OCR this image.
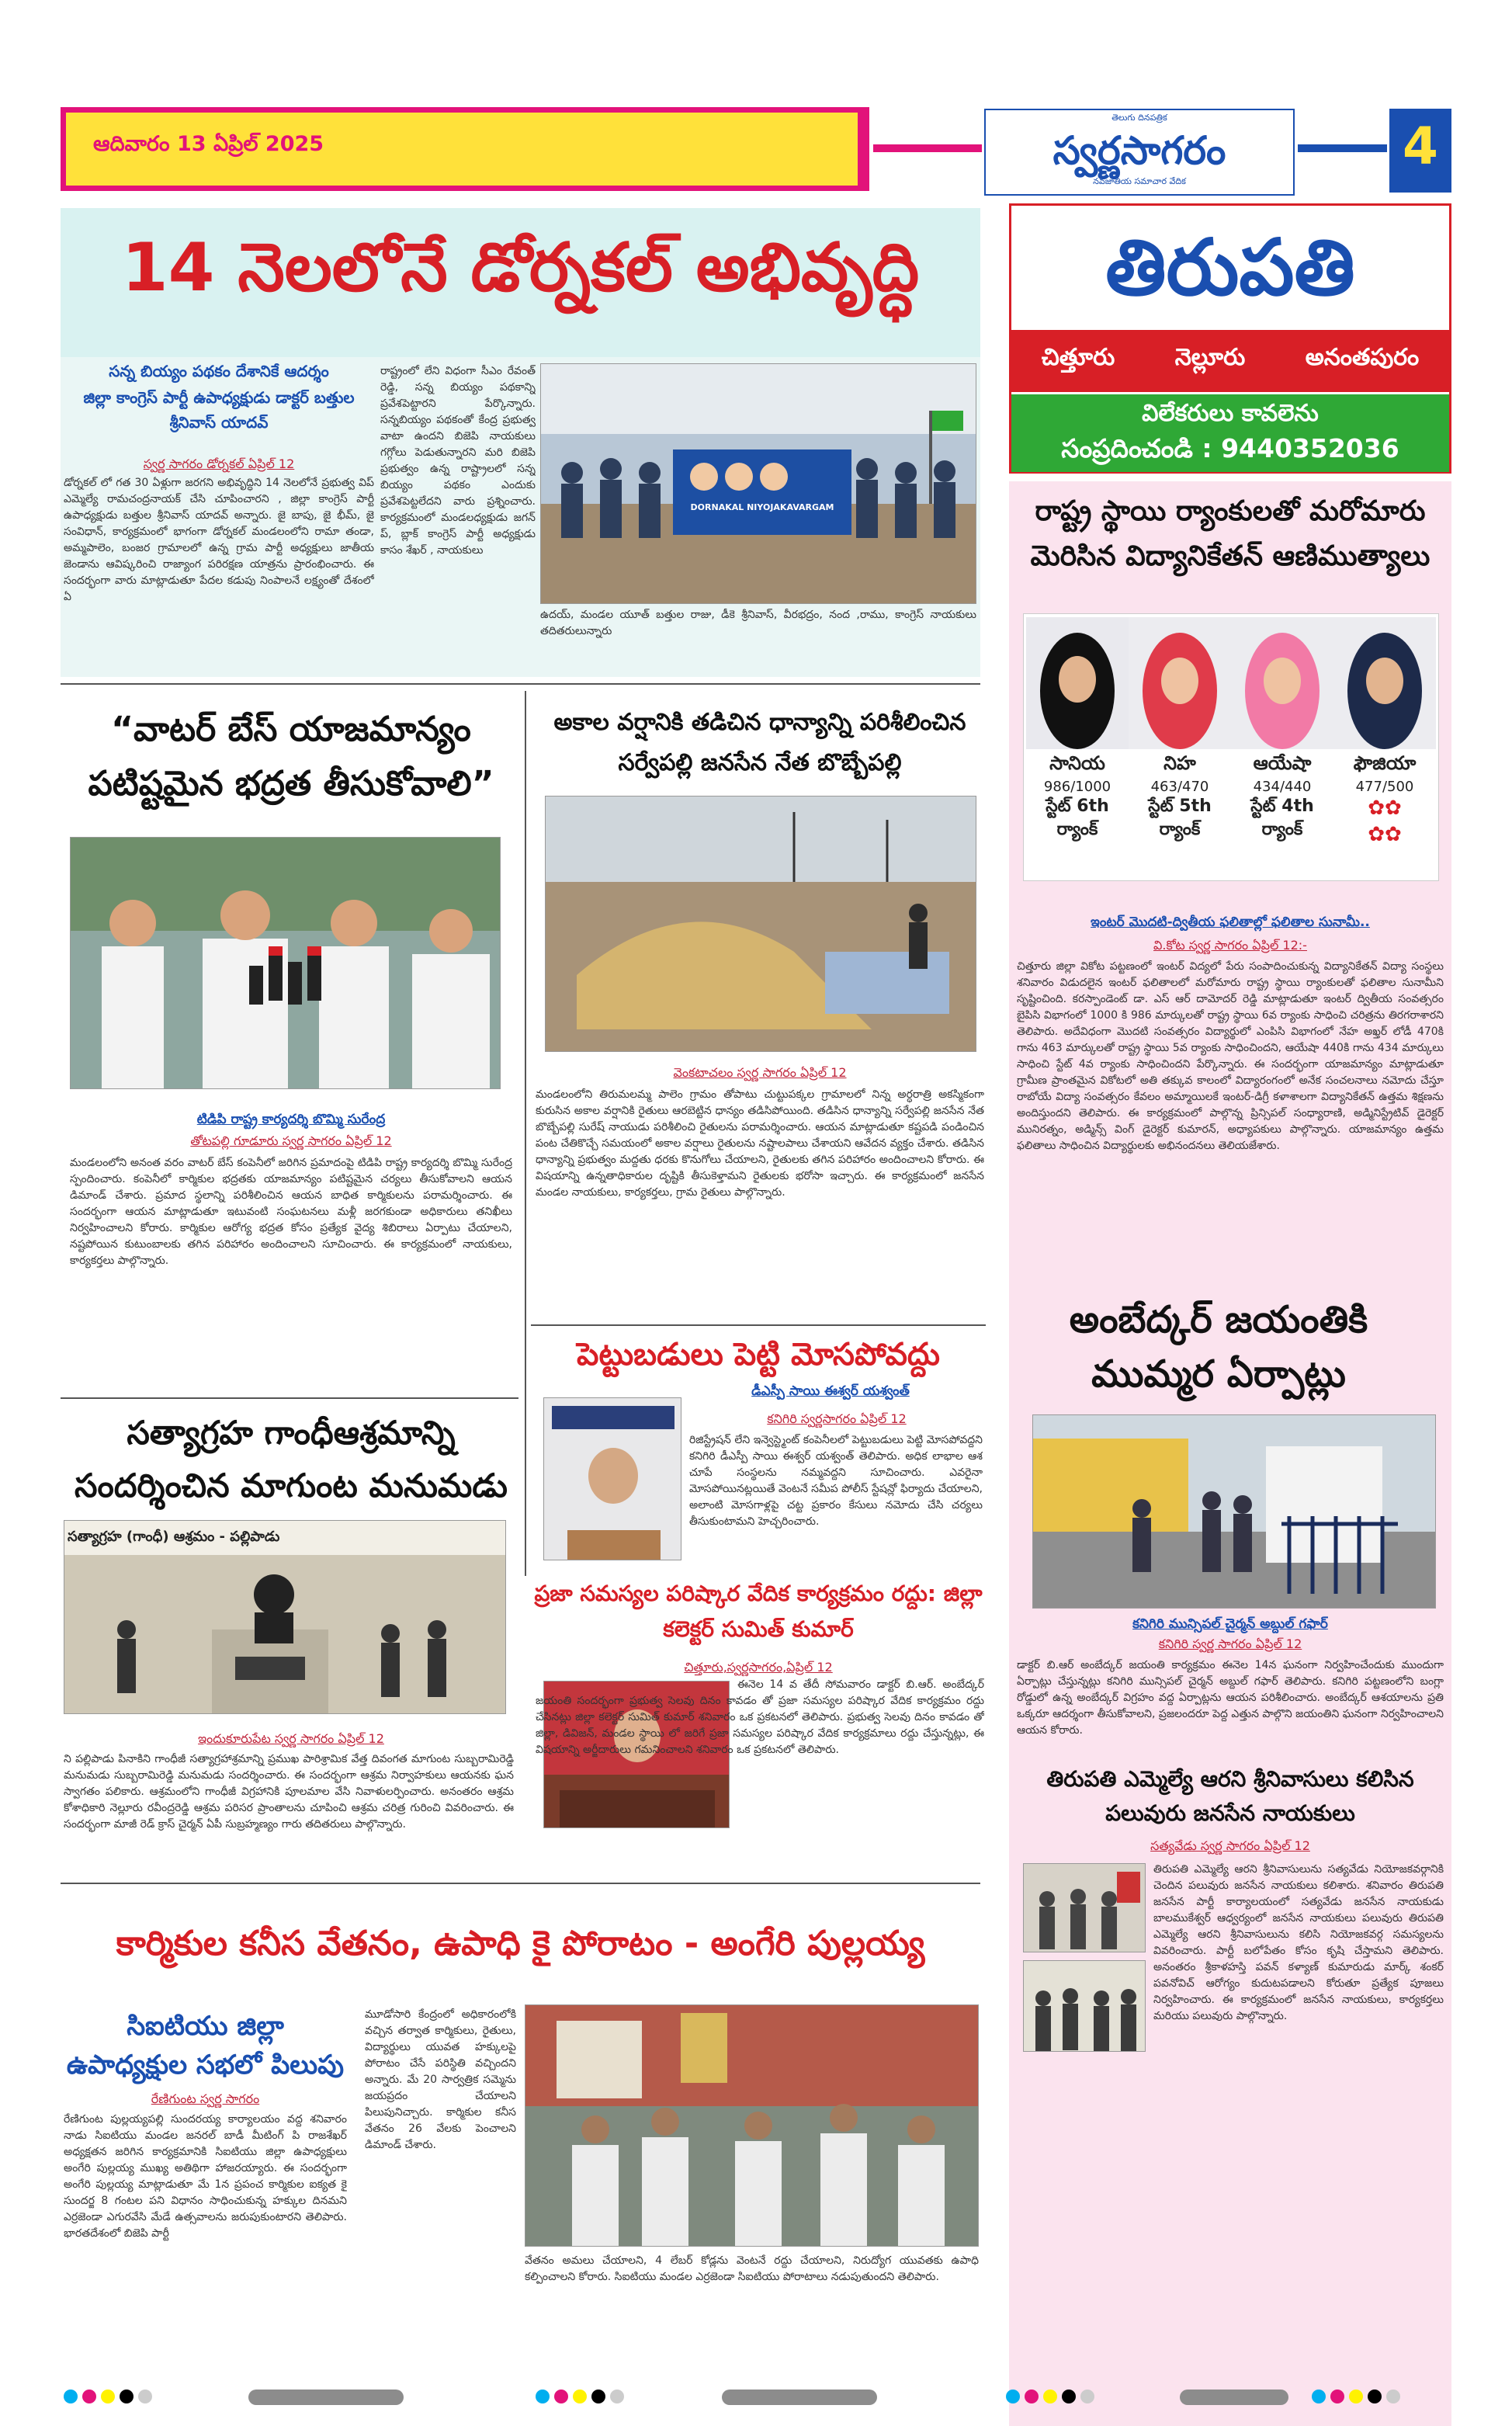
ఆదివారం 13 ఏప్రిల్ 2025
తెలుగు దినపత్రిక
స్వర్ణసాగరం
నవజాతీయ సమాచార వేదిక
4
14 నెలలోనే డోర్నకల్ అభివృద్ధి
సన్న బియ్యం పథకం దేశానికే ఆదర్శం
జిల్లా కాంగ్రెస్ పార్టీ ఉపాధ్యక్షుడు డాక్టర్ బత్తుల శ్రీనివాస్ యాదవ్
స్వర్ణ సాగరం డోర్నకల్ ఏప్రిల్ 12
డోర్నకల్ లో గత 30 ఏళ్లుగా జరగని అభివృద్ధిని 14 నెలలోనే ప్రభుత్వ విప్ ఎమ్మెల్యే రామచంద్రనాయక్ చేసి చూపించారని , జిల్లా కాంగ్రెస్ పార్టీ ఉపాధ్యక్షుడు బత్తుల శ్రీనివాస్ యాదవ్ అన్నారు. జై బాపు, జై భీమ్, జై సంవిధాన్, కార్యక్రమంలో భాగంగా డోర్నకల్ మండలంలోని రామా తండా, అమ్మపాలెం, బంజర గ్రామాలలో ఉన్న గ్రామ పార్టీ అధ్యక్షులు జాతీయ జెండాను ఆవిష్కరించి రాజ్యాంగ పరిరక్షణ యాత్రను ప్రారంభించారు. ఈ సందర్భంగా వారు మాట్లాడుతూ పేదల కడుపు నింపాలనే లక్ష్యంతో దేశంలో ఏ
రాష్ట్రంలో లేని విధంగా సీఎం రేవంత్ రెడ్డి, సన్న బియ్యం పథకాన్ని ప్రవేశపెట్టారని పేర్కొన్నారు. సన్నబియ్యం పథకంతో కేంద్ర ప్రభుత్వ వాటా ఉందని బిజెపి నాయకులు గగ్గోలు పెడుతున్నారని మరి బిజెపి ప్రభుత్వం ఉన్న రాష్ట్రాలలో సన్న బియ్యం పథకం ఎందుకు ప్రవేశపెట్టలేదని వారు ప్రశ్నించారు. కార్యక్రమంలో మండలధ్యక్షుడు జగన్ ప్, బ్లాక్ కాంగ్రెస్ పార్టీ అధ్యక్షుడు కాసం శేఖర్ , నాయకులు
DORNAKAL NIYOJAKAVARGAM
ఉదయ్, మండల యూత్ బత్తుల రాజు, డీకె శ్రీనివాస్, వీరభద్రం, నంద ,రాము, కాంగ్రెస్ నాయకులు తదితరులున్నారు
తిరుపతి
చిత్తూరు	నెల్లూరు	అనంతపురం
విలేకరులు కావలెను
సంప్రదించండి : 9440352036
రాష్ట్ర స్థాయి ర్యాంకులతో మరోమారు మెరిసిన విద్యానికేతన్ ఆణిముత్యాలు
సానియ
986/1000
స్టేట్ 6th ర్యాంక్
నిహ
463/470
స్టేట్ 5th ర్యాంక్
ఆయేషా
434/440
స్టేట్ 4th ర్యాంక్
ఫౌజియా
477/500
✿✿
✿✿
ఇంటర్ మొదటి-ద్వితీయ ఫలితాల్లో ఫలితాల సునామీ..
వి.కోట స్వర్ణ సాగరం ఏప్రిల్ 12:-
చిత్తూరు జిల్లా వికోట పట్టణంలో ఇంటర్ విద్యలో పేరు సంపాదించుకున్న విద్యానికేతన్ విద్యా సంస్థలు శనివారం విడుదలైన ఇంటర్ ఫలితాలలో మరోమారు రాష్ట్ర స్థాయి ర్యాంకులతో ఫలితాల సునామీని సృష్టించింది. కరస్పాండెంట్ డా. ఎస్ ఆర్ దామోదర్ రెడ్డి మాట్లాడుతూ ఇంటర్ ద్వితీయ సంవత్సరం బైపిసి విభాగంలో 1000 కి 986 మార్కులతో రాష్ట్ర స్థాయి 6వ ర్యాంకు సాధించి చరిత్రను తిరగరాశారని తెలిపారు. అదేవిధంగా మొదటి సంవత్సరం విద్యార్థులో ఎంపిసి విభాగంలో నేహ అఖ్తర్ లోడీ 470కి గాను 463 మార్కులతో రాష్ట్ర స్థాయి 5వ ర్యాంకు సాధించిందని, ఆయేషా 440కి గాను 434 మార్కులు సాధించి స్టేట్ 4వ ర్యాంకు సాధించిందని పేర్కొన్నారు. ఈ సందర్భంగా యాజమాన్యం మాట్లాడుతూ గ్రామీణ ప్రాంతమైన వికోటలో అతి తక్కువ కాలంలో విద్యారంగంలో అనేక సంచలనాలు నమోదు చేస్తూ రాబోయే విద్యా సంవత్సరం కేవలం అమ్మాయిలకే ఇంటర్-డిగ్రీ కళాశాలగా విద్యానికేతన్ ఉత్తమ శిక్షణను అందిస్తుందని తెలిపారు. ఈ కార్యక్రమంలో పాల్గొన్న ప్రిన్సిపల్ సంధ్యారాణి, అడ్మినిస్ట్రేటివ్ డైరెక్టర్ మునిరత్నం, అడ్మిన్స్ వింగ్ డైరెక్టర్ కుమారన్, అధ్యాపకులు పాల్గొన్నారు. యాజమాన్యం ఉత్తమ ఫలితాలు సాధించిన విద్యార్థులకు అభినందనలు తెలియజేశారు.
అంబేద్కర్ జయంతికి ముమ్మర ఏర్పాట్లు
కనిగిరి మున్సిపల్ చైర్మన్ అబ్దుల్ గఫార్
కనిగిరి స్వర్ణ సాగరం ఏప్రిల్ 12
డాక్టర్ బి.ఆర్ అంబేద్కర్ జయంతి కార్యక్రమం ఈనెల 14న ఘనంగా నిర్వహించేందుకు ముందుగా ఏర్పాట్లు చేస్తున్నట్లు కనిగిరి మున్సిపల్ చైర్మన్ అబ్దుల్ గఫార్ తెలిపారు. కనిగిరి పట్టణంలోని బంగ్లా రోడ్డులో ఉన్న అంబేద్కర్ విగ్రహం వద్ద ఏర్పాట్లను ఆయన పరిశీలించారు. అంబేద్కర్ ఆశయాలను ప్రతి ఒక్కరూ ఆదర్శంగా తీసుకోవాలని, ప్రజలందరూ పెద్ద ఎత్తున పాల్గొని జయంతిని ఘనంగా నిర్వహించాలని ఆయన కోరారు.
తిరుపతి ఎమ్మెల్యే ఆరని శ్రీనివాసులు కలిసిన పలువురు జనసేన నాయకులు
సత్యవేడు స్వర్ణ సాగరం ఏప్రిల్ 12
తిరుపతి ఎమ్మెల్యే ఆరని శ్రీనివాసులును సత్యవేడు నియోజకవర్గానికి చెందిన పలువురు జనసేన నాయకులు కలిశారు. శనివారం తిరుపతి జనసేన పార్టీ కార్యాలయంలో సత్యవేడు జనసేన నాయకుడు బాలముకేశ్వర్ ఆధ్వర్యంలో జనసేన నాయకులు పలువురు తిరుపతి ఎమ్మెల్యే ఆరని శ్రీనివాసులును కలిసి నియోజకవర్గ సమస్యలను వివరించారు. పార్టీ బలోపేతం కోసం కృషి చేస్తామని తెలిపారు. అనంతరం శ్రీకాళహస్తి పవన్ కళ్యాణ్ కుమారుడు మార్క్ శంకర్ పవనోవిచ్ ఆరోగ్యం కుదుటపడాలని కోరుతూ ప్రత్యేక పూజలు నిర్వహించారు. ఈ కార్యక్రమంలో జనసేన నాయకులు, కార్యకర్తలు మరియు పలువురు పాల్గొన్నారు.
“వాటర్ బేస్ యాజమాన్యం పటిష్టమైన భద్రత తీసుకోవాలి”
టిడిపి రాష్ట్ర కార్యదర్శి బొమ్మి సురేంద్ర
తోటపల్లి గూడూరు స్వర్ణ సాగరం ఏప్రిల్ 12
మండలంలోని అనంత వరం వాటర్ బేస్ కంపెనీలో జరిగిన ప్రమాదంపై టిడిపి రాష్ట్ర కార్యదర్శి బొమ్మి సురేంద్ర స్పందించారు. కంపెనీలో కార్మికుల భద్రతకు యాజమాన్యం పటిష్టమైన చర్యలు తీసుకోవాలని ఆయన డిమాండ్ చేశారు. ప్రమాద స్థలాన్ని పరిశీలించిన ఆయన బాధిత కార్మికులను పరామర్శించారు. ఈ సందర్భంగా ఆయన మాట్లాడుతూ ఇటువంటి సంఘటనలు మళ్లీ జరగకుండా అధికారులు తనిఖీలు నిర్వహించాలని కోరారు. కార్మికుల ఆరోగ్య భద్రత కోసం ప్రత్యేక వైద్య శిబిరాలు ఏర్పాటు చేయాలని, నష్టపోయిన కుటుంబాలకు తగిన పరిహారం అందించాలని సూచించారు. ఈ కార్యక్రమంలో నాయకులు, కార్యకర్తలు పాల్గొన్నారు.
సత్యాగ్రహ గాంధీఆశ్రమాన్ని సందర్శించిన మాగుంట మనుమడు
సత్యాగ్రహ (గాంధీ) ఆశ్రమం - పల్లిపాడు
ఇందుకూరుపేట స్వర్ణ సాగరం ఏప్రిల్ 12
ని పల్లిపాడు పినాకిని గాంధీజీ సత్యాగ్రహాశ్రమాన్ని ప్రముఖ పారిశ్రామిక వేత్త దివంగత మాగుంట సుబ్బరామిరెడ్డి మనుమడు సుబ్బరామిరెడ్డి మనుమడు సందర్శించారు. ఈ సందర్భంగా ఆశ్రమ నిర్వాహకులు ఆయనకు ఘన స్వాగతం పలికారు. ఆశ్రమంలోని గాంధీజీ విగ్రహానికి పూలమాల వేసి నివాళులర్పించారు. అనంతరం ఆశ్రమ కోశాధికారి నెల్లూరు రవీంద్రరెడ్డి ఆశ్రమ పరిసర ప్రాంతాలను చూపించి ఆశ్రమ చరిత్ర గురించి వివరించారు. ఈ సందర్భంగా మాజీ రెడ్ క్రాస్ చైర్మన్ ఏపీ సుబ్రహ్మణ్యం గారు తదితరులు పాల్గొన్నారు.
అకాల వర్షానికి తడిచిన ధాన్యాన్ని పరిశీలించిన సర్వేపల్లి జనసేన నేత బొబ్బేపల్లి
వెంకటాచలం స్వర్ణ సాగరం ఏప్రిల్ 12
మండలంలోని తిరుమలమ్మ పాలెం గ్రామం తోపాటు చుట్టుపక్కల గ్రామాలలో నిన్న అర్ధరాత్రి అకస్మికంగా కురుసిన అకాల వర్షానికి రైతులు ఆరబెట్టిన ధాన్యం తడిసిపోయింది. తడిసిన ధాన్యాన్ని సర్వేపల్లి జనసేన నేత బొబ్బేపల్లి సురేష్ నాయుడు పరిశీలించి రైతులను పరామర్శించారు. ఆయన మాట్లాడుతూ కష్టపడి పండించిన పంట చేతికొచ్చే సమయంలో అకాల వర్షాలు రైతులను నష్టాలపాలు చేశాయని ఆవేదన వ్యక్తం చేశారు. తడిసిన ధాన్యాన్ని ప్రభుత్వం మద్దతు ధరకు కొనుగోలు చేయాలని, రైతులకు తగిన పరిహారం అందించాలని కోరారు. ఈ విషయాన్ని ఉన్నతాధికారుల దృష్టికి తీసుకెళ్తామని రైతులకు భరోసా ఇచ్చారు. ఈ కార్యక్రమంలో జనసేన మండల నాయకులు, కార్యకర్తలు, గ్రామ రైతులు పాల్గొన్నారు.
పెట్టుబడులు పెట్టి మోసపోవద్దు
డీఎస్పీ సాయి ఈశ్వర్ యశ్వంత్
కనిగిరి స్వర్ణసాగరం ఏప్రిల్ 12
రిజిస్ట్రేషన్ లేని ఇన్వెస్ట్మెంట్ కంపెనీలలో పెట్టుబడులు పెట్టి మోసపోవద్దని కనిగిరి డీఎస్పీ సాయి ఈశ్వర్ యశ్వంత్ తెలిపారు. అధిక లాభాల ఆశ చూపే సంస్థలను నమ్మవద్దని సూచించారు. ఎవరైనా మోసపోయినట్లయితే వెంటనే సమీప పోలీస్ స్టేషన్లో ఫిర్యాదు చేయాలని, అలాంటి మోసగాళ్లపై చట్ట ప్రకారం కేసులు నమోదు చేసి చర్యలు తీసుకుంటామని హెచ్చరించారు.
ప్రజా సమస్యల పరిష్కార వేదిక కార్యక్రమం రద్దు: జిల్లా కలెక్టర్ సుమిత్ కుమార్
చిత్తూరు,స్వర్ణసాగరం,ఏప్రిల్ 12
ఈనెల 14 వ తేదీ సోమవారం డాక్టర్ బి.ఆర్. అంబేద్కర్ జయంతి సందర్భంగా ప్రభుత్వ సెలవు దినం కావడం తో ప్రజా సమస్యల పరిష్కార వేదిక కార్యక్రమం రద్దు చేసినట్లు జిల్లా కలెక్టర్ సుమిత్ కుమార్ శనివారం ఒక ప్రకటనలో తెలిపారు. ప్రభుత్వ సెలవు దినం కావడం తో జిల్లా, డివిజన్, మండల స్థాయి లో జరిగే ప్రజా సమస్యల పరిష్కార వేదిక కార్యక్రమాలు రద్దు చేస్తున్నట్లు, ఈ విషయాన్ని అర్జీదారులు గమనించాలని శనివారం ఒక ప్రకటనలో తెలిపారు.
కార్మికుల కనీస వేతనం, ఉపాధి కై పోరాటం - అంగేరి పుల్లయ్య
సిఐటియు జిల్లా ఉపాధ్యక్షుల సభలో పిలుపు
రేణిగుంట స్వర్ణ సాగరం
రేణిగుంట పుల్లయ్యపల్లి సుందరయ్య కార్యాలయం వద్ద శనివారం నాడు సిఐటియు మండల జనరల్ బాడీ మీటింగ్ పి రాజశేఖర్ అధ్యక్షతన జరిగిన కార్యక్రమానికి సిఐటియు జిల్లా ఉపాధ్యక్షులు అంగేరి పుల్లయ్య ముఖ్య అతిథిగా హాజరయ్యారు. ఈ సందర్భంగా అంగేరి పుల్లయ్య మాట్లాడుతూ మే 1న ప్రపంచ కార్మికుల ఐక్యత కై సుందర్జ 8 గంటల పని విధానం సాధించుకున్న హక్కుల దినమని ఎర్రజెండా ఎగురవేసి మేడే ఉత్సవాలను జరుపుకుంటారని తెలిపారు. భారతదేశంలో బిజెపి పార్టీ
మూడోసారి కేంద్రంలో అధికారంలోకి వచ్చిన తర్వాత కార్మికులు, రైతులు, విద్యార్థులు యువత హక్కులపై పోరాటం చేసే పరిస్థితి వచ్చిందని అన్నారు. మే 20 సార్వత్రిక సమ్మెను జయప్రదం చేయాలని పిలుపునిచ్చారు. కార్మికుల కనీస వేతనం 26 వేలకు పెంచాలని డిమాండ్ చేశారు.
వేతనం అమలు చేయాలని, 4 లేబర్ కోడ్లను వెంటనే రద్దు చేయాలని, నిరుద్యోగ యువతకు ఉపాధి కల్పించాలని కోరారు. సిఐటియు మండల ఎర్రజెండా సిఐటియు పోరాటాలు నడుపుతుందని తెలిపారు.
